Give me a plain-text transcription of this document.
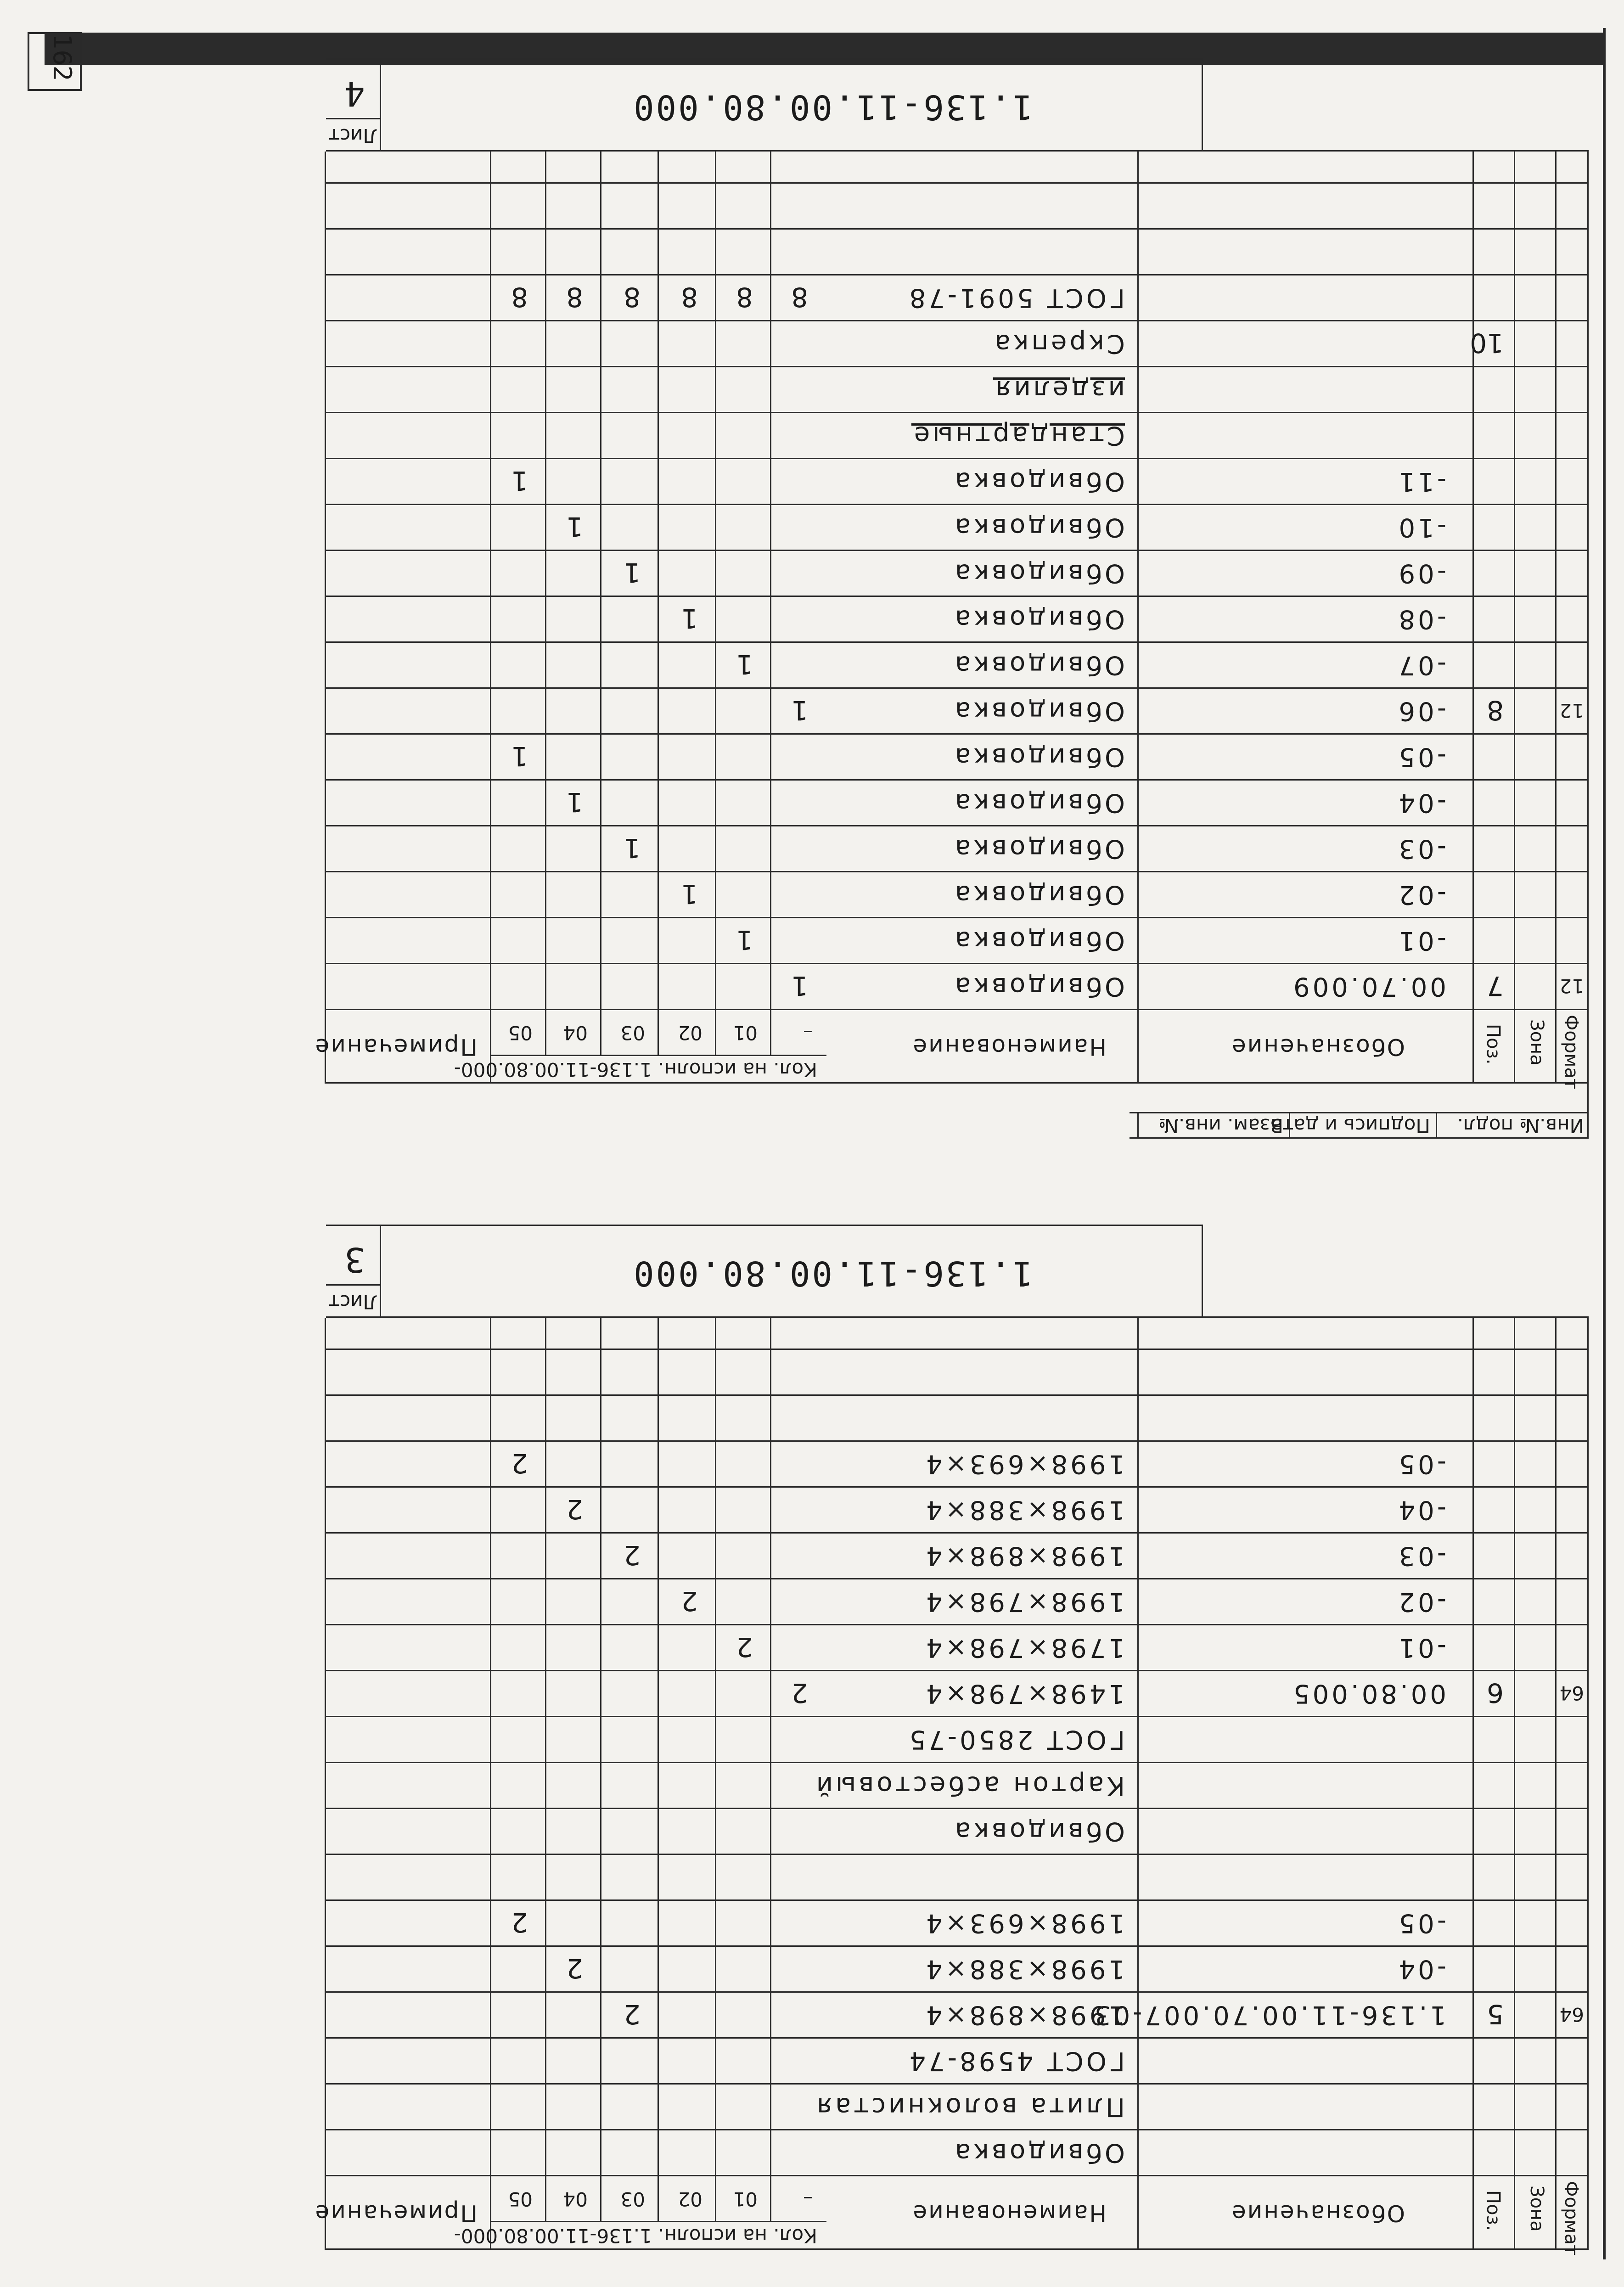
Инв.№ подл.
Подпись и дата
Взам. инв.№
Формат
Зона
Поз.
Обозначение
Наименование
Кол. на исполн. 1.136-11.00.80.000-
–
01
02
03
04
05
Примечание
12
7
00.70.009
Обвидовка
1
-01
Обвидовка
1
-02
Обвидовка
1
-03
Обвидовка
1
-04
Обвидовка
1
-05
Обвидовка
1
12
8
-06
Обвидовка
1
-07
Обвидовка
1
-08
Обвидовка
1
-09
Обвидовка
1
-10
Обвидовка
1
-11
Обвидовка
1
Стандартные
изделия
10
Скрепка
ГОСТ 5091-78
8
8
8
8
8
8
1.136-11.00.80.000
Лист
4
Формат
Зона
Поз.
Обозначение
Наименование
Кол. на исполн. 1.136-11.00.80.000-
–
01
02
03
04
05
Примечание
Обвидовка
Плита волокнистая
ГОСТ 4598-74
64
5
1.136-11.00.70.007-03
1998×898×4
2
-04
1998×388×4
2
-05
1998×693×4
2
Обвидовка
Картон асбестовый
ГОСТ 2850-75
64
6
00.80.005
1498×798×4
2
-01
1798×798×4
2
-02
1998×798×4
2
-03
1998×898×4
2
-04
1998×388×4
2
-05
1998×693×4
2
1.136-11.00.80.000
Лист
3
162
